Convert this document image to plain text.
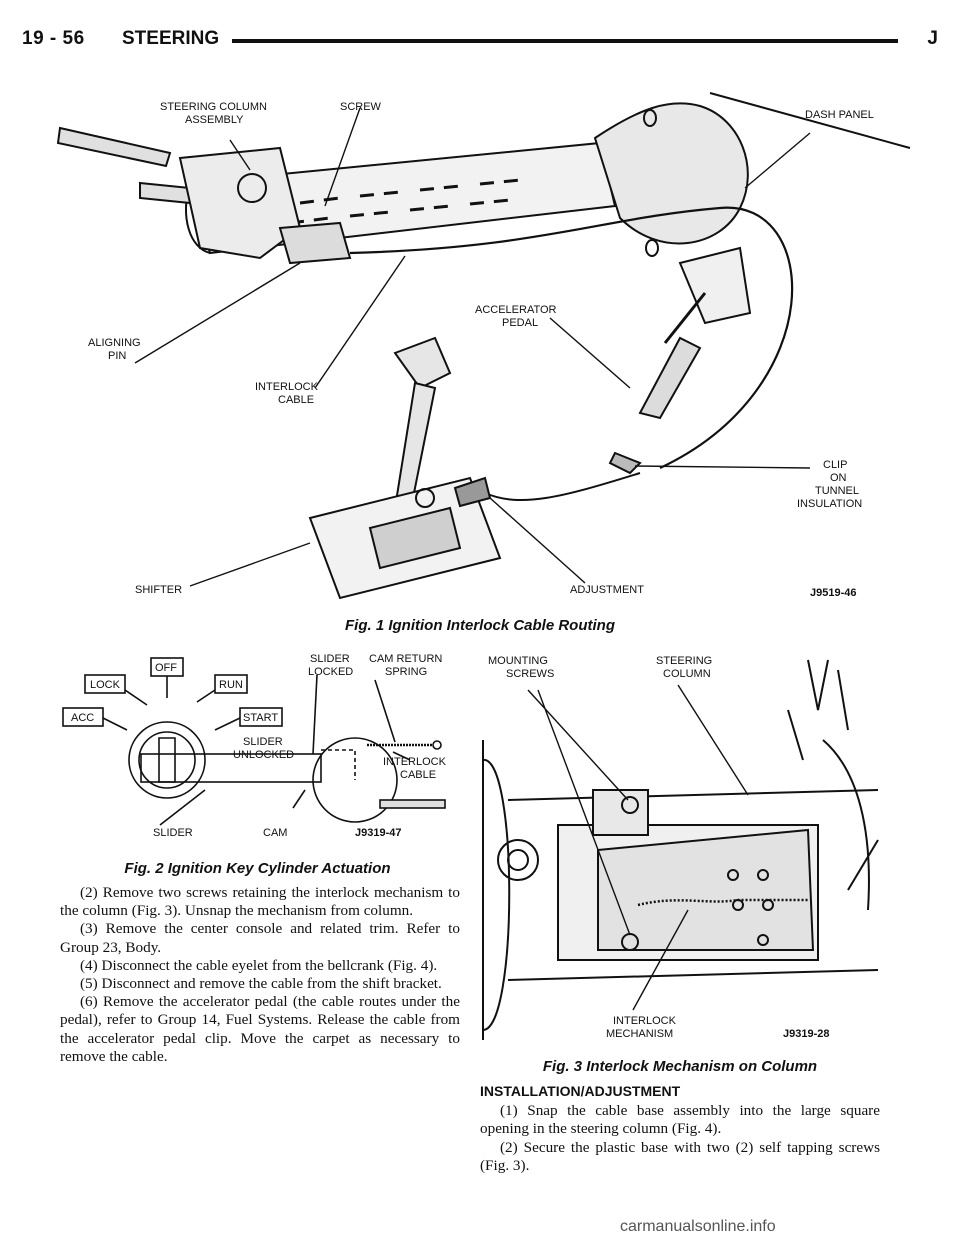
19 - 56 STEERING	J
STEERING COLUMN
ASSEMBLY
SCREW
DASH PANEL
ALIGNING
PIN
INTERLOCK
CABLE
ACCELERATOR
PEDAL
CLIP
ON
TUNNEL
INSULATION
SHIFTER	ADJUSTMENT	J9519-46
Fig. 1 Ignition Interlock Cable Routing
LOCK
OFF
RUN
ACC	START
SLIDER
LOCKED
CAM RETURN
SPRING
SLIDER
UNLOCKED
INTERLOCK
CABLE
SLIDER	CAM	J9319-47
Fig. 2 Ignition Key Cylinder Actuation
MOUNTING
SCREWS
STEERING
COLUMN
INTERLOCK
MECHANISM	J9319-28
Fig. 3 Interlock Mechanism on Column

(2) Remove two screws retaining the interlock mechanism to the column (Fig. 3). Unsnap the mechanism from column.

(3) Remove the center console and related trim. Refer to Group 23, Body.

(4) Disconnect the cable eyelet from the bellcrank (Fig. 4).

(5) Disconnect and remove the cable from the shift bracket.

(6) Remove the accelerator pedal (the cable routes under the pedal), refer to Group 14, Fuel Systems. Release the cable from the accelerator pedal clip. Move the carpet as necessary to remove the cable.

INSTALLATION/ADJUSTMENT

(1) Snap the cable base assembly into the large square opening in the steering column (Fig. 4).

(2) Secure the plastic base with two (2) self tapping screws (Fig. 3).

carmanualsonline.info
